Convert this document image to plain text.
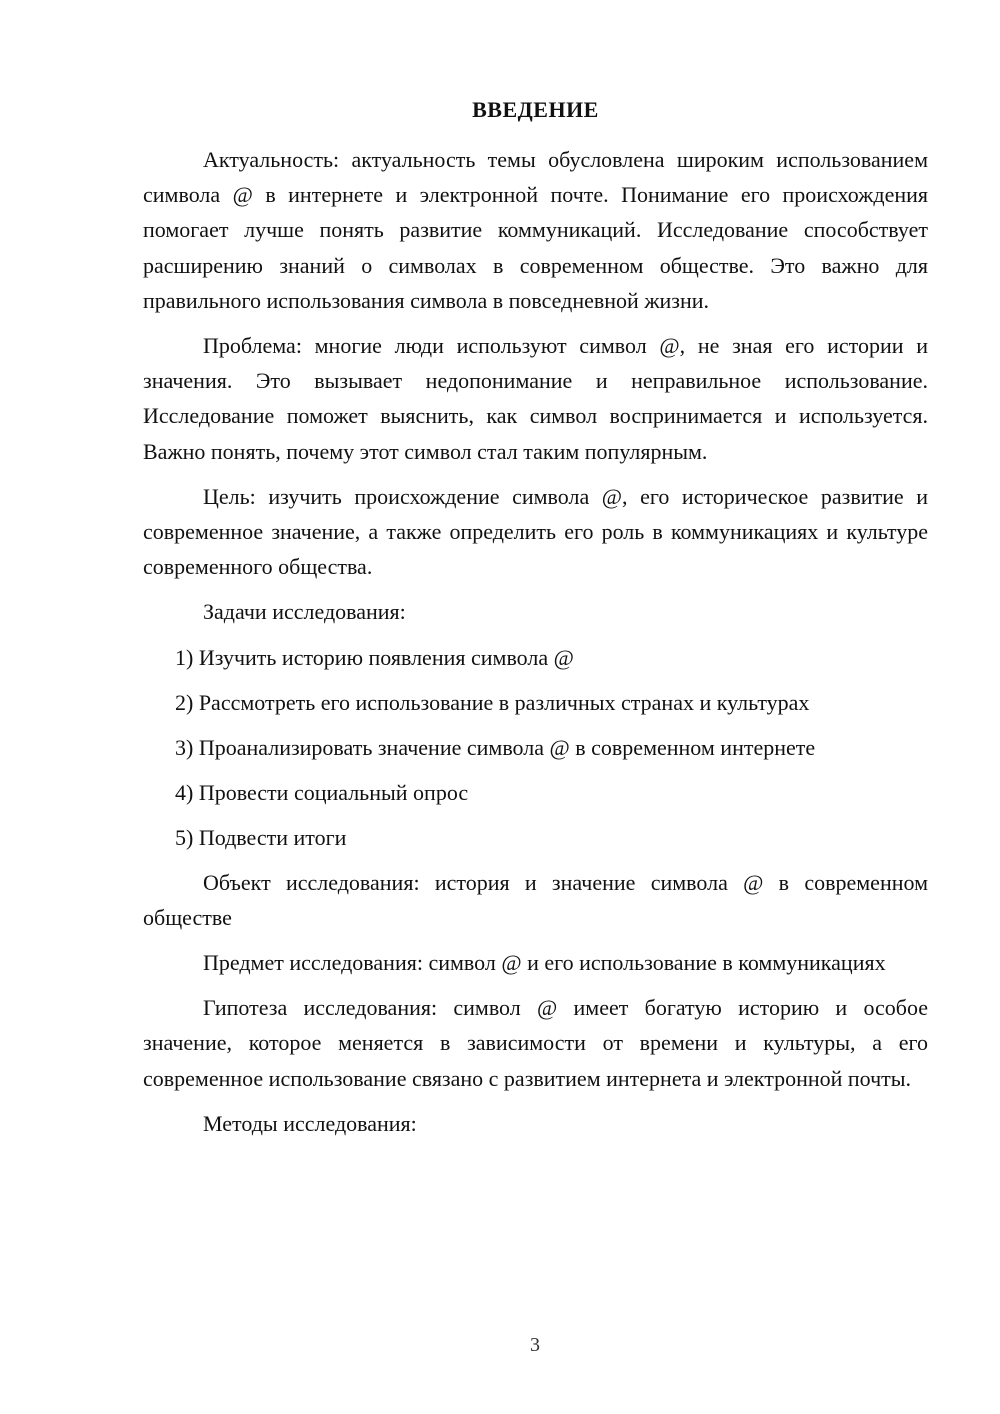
ВВЕДЕНИЕ

Актуальность: актуальность темы обусловлена широким использованием символа @ в интернете и электронной почте. Понимание его происхождения помогает лучше понять развитие коммуникаций. Исследование способствует расширению знаний о символах в современном обществе. Это важно для правильного использования символа в повседневной жизни.

Проблема: многие люди используют символ @, не зная его истории и значения. Это вызывает недопонимание и неправильное использование. Исследование поможет выяснить, как символ воспринимается и используется. Важно понять, почему этот символ стал таким популярным.

Цель: изучить происхождение символа @, его историческое развитие и современное значение, а также определить его роль в коммуникациях и культуре современного общества.

Задачи исследования:

1) Изучить историю появления символа @

2) Рассмотреть его использование в различных странах и культурах

3) Проанализировать значение символа @ в современном интернете

4) Провести социальный опрос

5) Подвести итоги

Объект исследования: история и значение символа @ в современном обществе

Предмет исследования: символ @ и его использование в коммуникациях

Гипотеза исследования: символ @ имеет богатую историю и особое значение, которое меняется в зависимости от времени и культуры, а его современное использование связано с развитием интернета и электронной почты.

Методы исследования:

3
